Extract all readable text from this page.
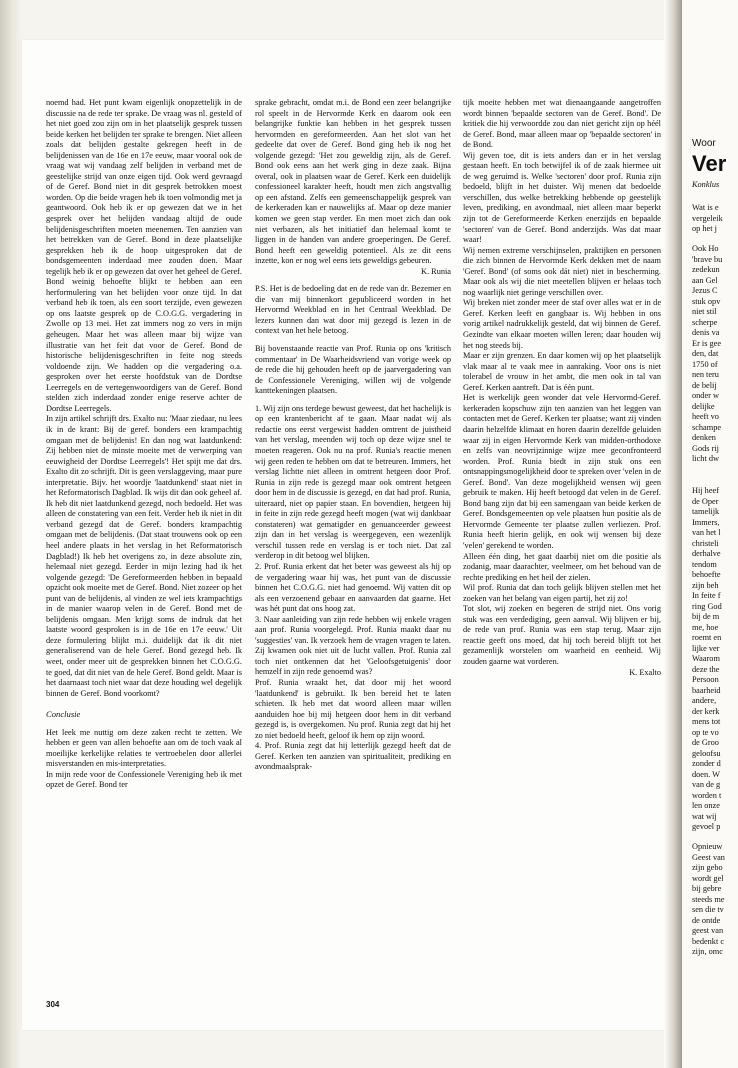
noemd had. Het punt kwam eigenlijk onopzettelijk in de discussie na de rede ter sprake. De vraag was nl. gesteld of het niet goed zou zijn om in het plaatselijk gesprek tussen beide kerken het belijden ter sprake te brengen. Niet alleen zoals dat belijden gestalte gekregen heeft in de belijdenissen van de 16e en 17e eeuw, maar vooral ook de vraag wat wij vandaag zelf belijden in verband met de geestelijke strijd van onze eigen tijd. Ook werd gevraagd of de Geref. Bond niet in dit gesprek betrokken moest worden. Op die beide vragen heb ik toen volmondig met ja geantwoord. Ook heb ik er op gewezen dat we in het gesprek over het belijden vandaag altijd de oude belijdenisgeschriften moeten meenemen. Ten aanzien van het betrekken van de Geref. Bond in deze plaatselijke gesprekken heb ik de hoop uitgesproken dat de bondsgemeenten inderdaad mee zouden doen. Maar tegelijk heb ik er op gewezen dat over het geheel de Geref. Bond weinig behoefte blijkt te hebben aan een herformulering van het belijden voor onze tijd. In dat verband heb ik toen, als een soort terzijde, even gewezen op ons laatste gesprek op de C.O.G.G. vergadering in Zwolle op 13 mei. Het zat immers nog zo vers in mijn geheugen. Maar het was alleen maar bij wijze van illustratie van het feit dat voor de Geref. Bond de historische belijdenisgeschriften in feite nog steeds voldoende zijn. We hadden op die vergadering o.a. gesproken over het eerste hoofdstuk van de Dordtse Leerregels en de vertegenwoordigers van de Geref. Bond stelden zich inderdaad zonder enige reserve achter de Dordtse Leerregels.

In zijn artikel schrijft drs. Exalto nu: 'Maar ziedaar, nu lees ik in de krant: Bij de geref. bonders een krampachtig omgaan met de belijdenis! En dan nog wat laatdunkend: Zij hebben niet de minste moeite met de verwerping van eeuwigheid der Dordtse Leerregels'! Het spijt me dat drs. Exalto dit zo schrijft. Dit is geen verslaggeving, maar pure interpretatie. Bijv. het woordje 'laatdunkend' staat niet in het Reformatorisch Dagblad. Ik wijs dit dan ook geheel af. Ik heb dit niet laatdunkend gezegd, noch bedoeld. Het was alleen de constatering van een feit. Verder heb ik niet in dit verband gezegd dat de Geref. bonders krampachtig omgaan met de belijdenis. (Dat staat trouwens ook op een heel andere plaats in het verslag in het Reformatorisch Dagblad!) Ik heb het overigens zo, in deze absolute zin, helemaal niet gezegd. Eerder in mijn lezing had ik het volgende gezegd: 'De Gereformeerden hebben in bepaald opzicht ook moeite met de Geref. Bond. Niet zozeer op het punt van de belijdenis, al vinden ze wel iets krampachtigs in de manier waarop velen in de Geref. Bond met de belijdenis omgaan. Men krijgt soms de indruk dat het laatste woord gesproken is in de 16e en 17e eeuw.' Uit deze formulering blijkt m.i. duidelijk dat ik dit niet generaliserend van de hele Geref. Bond gezegd heb. Ik weet, onder meer uit de gesprekken binnen het C.O.G.G. te goed, dat dit niet van de hele Geref. Bond geldt. Maar is het daarnaast toch niet waar dat deze houding wel degelijk binnen de Geref. Bond voorkomt?

Conclusie

Het leek me nuttig om deze zaken recht te zetten. We hebben er geen van allen behoefte aan om de toch vaak al moeilijke kerkelijke relaties te vertroebelen door allerlei misverstanden en mis-interpretaties.

In mijn rede voor de Confessionele Vereniging heb ik met opzet de Geref. Bond ter

sprake gebracht, omdat m.i. de Bond een zeer belangrijke rol speelt in de Hervormde Kerk en daarom ook een belangrijke funktie kan hebben in het gesprek tussen hervormden en gereformeerden. Aan het slot van het gedeelte dat over de Geref. Bond ging heb ik nog het volgende gezegd: 'Het zou geweldig zijn, als de Geref. Bond ook eens aan het werk ging in deze zaak. Bijna overal, ook in plaatsen waar de Geref. Kerk een duidelijk confessioneel karakter heeft, houdt men zich angstvallig op een afstand. Zelfs een gemeenschappelijk gesprek van de kerkeraden kan er nauwelijks af. Maar op deze manier komen we geen stap verder. En men moet zich dan ook niet verbazen, als het initiatief dan helemaal komt te liggen in de handen van andere groeperingen. De Geref. Bond heeft een geweldig potentieel. Als ze dit eens inzette, kon er nog wel eens iets geweldigs gebeuren.

K. Runia

P.S. Het is de bedoeling dat en de rede van dr. Bezemer en die van mij binnenkort gepubliceerd worden in het Hervormd Weekblad en in het Centraal Weekblad. De lezers kunnen dan wat door mij gezegd is lezen in de context van het hele betoog.

Bij bovenstaande reactie van Prof. Runia op ons 'kritisch commentaar' in De Waarheidsvriend van vorige week op de rede die hij gehouden heeft op de jaarvergadering van de Confessionele Vereniging, willen wij de volgende kanttekeningen plaatsen.

1. Wij zijn ons terdege bewust geweest, dat het hachelijk is op een krantenbericht af te gaan. Maar nadat wij als redactie ons eerst vergewist hadden omtrent de juistheid van het verslag, meenden wij toch op deze wijze snel te moeten reageren. Ook nu na prof. Runia's reactie menen wij geen reden te hebben om dat te betreuren. Immers, het verslag lichtte niet alleen in omtrent hetgeen door Prof. Runia in zijn rede is gezegd maar ook omtrent hetgeen door hem in de discussie is gezegd, en dat had prof. Runia, uiteraard, niet op papier staan. En bovendien, hetgeen hij in feite in zijn rede gezegd heeft mogen (wat wij dankbaar constateren) wat gematigder en genuanceerder geweest zijn dan in het verslag is weergegeven, een wezenlijk verschil tussen rede en verslag is er toch niet. Dat zal verderop in dit betoog wel blijken.

2. Prof. Runia erkent dat het beter was geweest als hij op de vergadering waar hij was, het punt van de discussie binnen het C.O.G.G. niet had genoemd. Wij vatten dit op als een verzoenend gebaar en aanvaarden dat gaarne. Het was hét punt dat ons hoog zat.

3. Naar aanleiding van zijn rede hebben wij enkele vragen aan prof. Runia voorgelegd. Prof. Runia maakt daar nu 'suggesties' van. Ik verzoek hem de vragen vragen te laten. Zij kwamen ook niet uit de lucht vallen. Prof. Runia zal toch niet ontkennen dat het 'Geloofsgetuigenis' door hemzelf in zijn rede genoemd was?

Prof. Runia wraakt het, dat door mij het woord 'laatdunkend' is gebruikt. Ik ben bereid het te laten schieten. Ik heb met dat woord alleen maar willen aanduiden hoe bij mij hetgeen door hem in dit verband gezegd is, is overgekomen. Nu prof. Runia zegt dat hij het zo niet bedoeld heeft, geloof ik hem op zijn woord.

4. Prof. Runia zegt dat hij letterlijk gezegd heeft dat de Geref. Kerken ten aanzien van spiritualiteit, prediking en avondmaalsprak-

tijk moeite hebben met wat dienaangaande aangetroffen wordt binnen 'bepaalde sectoren van de Geref. Bond'. De kritiek die hij verwoordde zou dan niet gericht zijn op héél de Geref. Bond, maar alleen maar op 'bepaalde sectoren' in de Bond.

Wij geven toe, dit is iets anders dan er in het verslag gestaan heeft. En toch betwijfel ik of de zaak hiermee uit de weg geruimd is. Welke 'sectoren' door prof. Runia zijn bedoeld, blijft in het duister. Wij menen dat bedoelde verschillen, dus welke betrekking hebbende op geestelijk leven, prediking, en avondmaal, niet alleen maar beperkt zijn tot de Gereformeerde Kerken enerzijds en bepaalde 'sectoren' van de Geref. Bond anderzijds. Was dat maar waar!

Wij nemen extreme verschijnselen, praktijken en personen die zich binnen de Hervormde Kerk dekken met de naam 'Geref. Bond' (of soms ook dát niet) niet in bescherming. Maar ook als wij die niet meetellen blijven er helaas toch nog waarlijk niet geringe verschillen over.

Wij breken niet zonder meer de staf over alles wat er in de Geref. Kerken leeft en gangbaar is. Wij hebben in ons vorig artikel nadrukkelijk gesteld, dat wij binnen de Geref. Gezindte van elkaar moeten willen leren; daar houden wij het nog steeds bij.

Maar er zijn grenzen. En daar komen wij op het plaatselijk vlak maar al te vaak mee in aanraking. Voor ons is niet tolerabel de vrouw in het ambt, die men ook in tal van Geref. Kerken aantreft. Dat is één punt.

Het is werkelijk geen wonder dat vele Hervormd-Geref. kerkeraden kopschuw zijn ten aanzien van het leggen van contacten met de Geref. Kerken ter plaatse; want zij vinden daarin helzelfde klimaat en horen daarin dezelfde geluiden waar zij in eigen Hervormde Kerk van midden-orthodoxe en zelfs van neovrijzinnige wijze mee geconfronteerd worden. Prof. Runia biedt in zijn stuk ons een ontsnappingsmogelijkheid door te spreken over 'velen in de Geref. Bond'. Van deze mogelijkheid wensen wij geen gebruik te maken. Hij heeft betoogd dat velen in de Geref. Bond bang zijn dat bij een samengaan van beide kerken de Geref. Bondsgemeenten op vele plaatsen hun positie als de Hervormde Gemeente ter plaatse zullen verliezen. Prof. Runia heeft hierin gelijk, en ook wij wensen bij deze 'velen' gerekend te worden.

Alleen één ding, het gaat daarbij niet om die positie als zodanig, maar daarachter, veelmeer, om het behoud van de rechte prediking en het heil der zielen.

Wil prof. Runia dat dan toch gelijk blijven stellen met het zoeken van het belang van eigen partij, het zij zo!

Tot slot, wij zoeken en begeren de strijd niet. Ons vorig stuk was een verdediging, geen aanval. Wij blijven er bij, de rede van prof. Runia was een stap terug. Maar zijn reactie geeft ons moed, dat hij toch bereid blijft tot het gezamenlijk worstelen om waarheid en eenheid. Wij zouden gaarne wat vorderen.

K. Exalto

304
Woor
Ver
Konklus
Wat is e
vergeleik
op het j
Ook Ho
'brave bu
zedekun
aan Gel
Jezus C
stuk opv
niet stil
scherpe
denis va
Er is gee
den, dat
1750 of
nen teru
de belij
onder w
delijke
heeft vo
schampe
denken
Gods rij
licht dw
Hij heef
de Oper
tamelijk
Immers,
van het l
christeli
derhalve
tendom
behoefte
zijn beh
In feite f
ring God
bij de m
me, hoe
roemt en
lijke ver
Waarom
deze the
Persoon
baarheid
andere,
der kerk
mens tot
op te vo
de Groo
geloofsu
zonder d
doen. W
van de g
worden t
len onze
wat wij
gevoel p
Opnieuw
Geest van
zijn gebo
wordt gel
bij gebre
steeds me
sen die tv
de ontde
geest van
bedenkt c
zijn, omc
